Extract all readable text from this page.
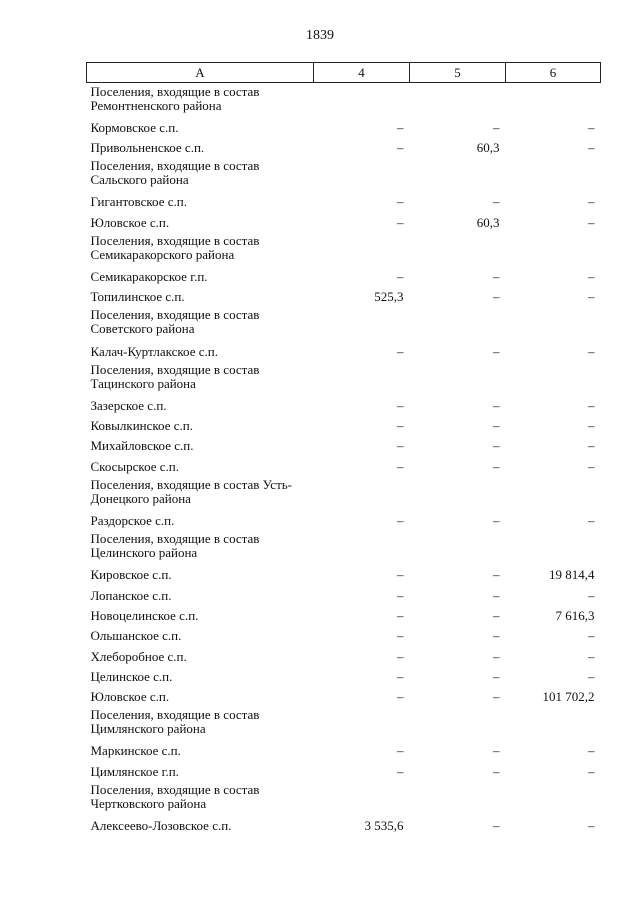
1839
А	4	5	6
Поселения, входящие в состав Ремонтненского района			
Кормовское с.п.	–	–	–
Привольненское с.п.	–	60,3	–
Поселения, входящие в состав Сальского района			
Гигантовское с.п.	–	–	–
Юловское с.п.	–	60,3	–
Поселения, входящие в состав Семикаракорского района			
Семикаракорское г.п.	–	–	–
Топилинское с.п.	525,3	–	–
Поселения, входящие в состав Советского района			
Калач-Куртлакское с.п.	–	–	–
Поселения, входящие в состав Тацинского района			
Зазерское с.п.	–	–	–
Ковылкинское с.п.	–	–	–
Михайловское с.п.	–	–	–
Скосырское с.п.	–	–	–
Поселения, входящие в состав Усть-Донецкого района			
Раздорское с.п.	–	–	–
Поселения, входящие в состав Целинского района			
Кировское с.п.	–	–	19 814,4
Лопанское с.п.	–	–	–
Новоцелинское с.п.	–	–	7 616,3
Ольшанское с.п.	–	–	–
Хлеборобное с.п.	–	–	–
Целинское с.п.	–	–	–
Юловское с.п.	–	–	101 702,2
Поселения, входящие в состав Цимлянского района			
Маркинское с.п.	–	–	–
Цимлянское г.п.	–	–	–
Поселения, входящие в состав Чертковского района			
Алексеево-Лозовское с.п.	3 535,6	–	–
